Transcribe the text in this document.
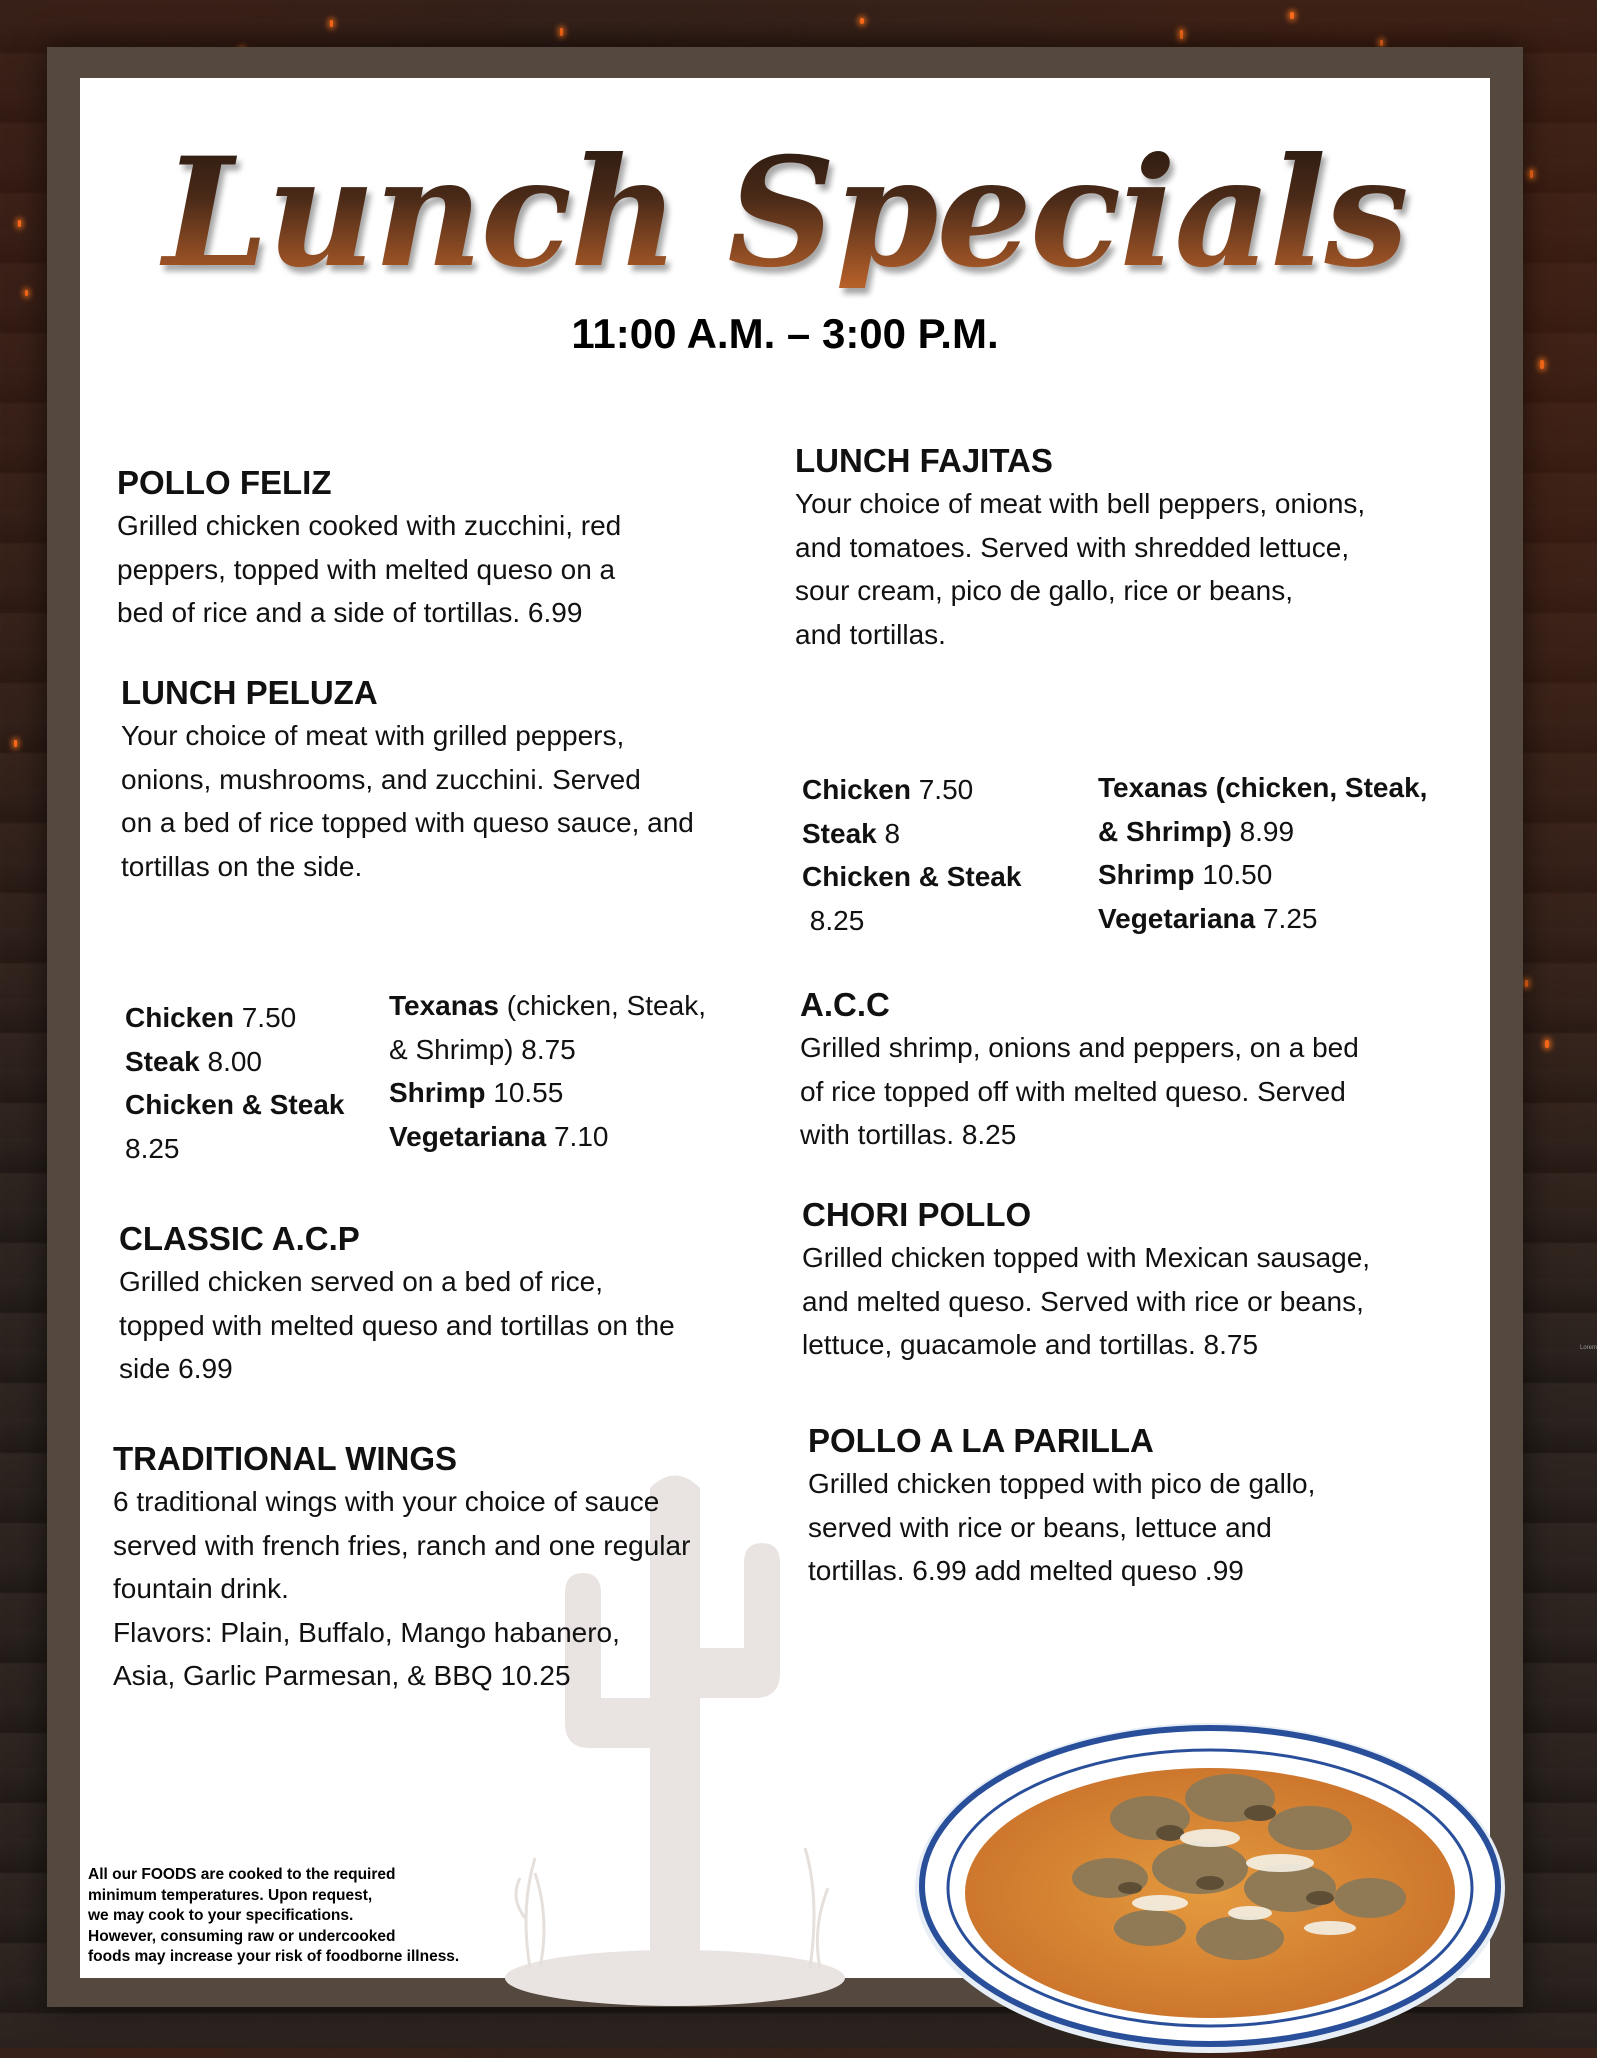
Lunch Specials
11:00 A.M. – 3:00 P.M.
POLLO FELIZ

Grilled chicken cooked with zucchini, red
peppers, topped with melted queso on a
bed of rice and a side of tortillas. 6.99

LUNCH PELUZA

Your choice of meat with grilled peppers,
onions, mushrooms, and zucchini. Served
on a bed of rice topped with queso sauce, and
tortillas on the side.

Chicken 7.50
Steak 8.00
Chicken & Steak
8.25
Texanas (chicken, Steak,
& Shrimp) 8.75
Shrimp 10.55
Vegetariana 7.10
CLASSIC A.C.P

Grilled chicken served on a bed of rice,
topped with melted queso and tortillas on the
side 6.99

TRADITIONAL WINGS

6 traditional wings with your choice of sauce
served with french fries, ranch and one regular
fountain drink.
Flavors: Plain, Buffalo, Mango habanero,
Asia, Garlic Parmesan, & BBQ 10.25

LUNCH FAJITAS

Your choice of meat with bell peppers, onions,
and tomatoes. Served with shredded lettuce,
sour cream, pico de gallo, rice or beans,
and tortillas.

Chicken 7.50
Steak 8
Chicken & Steak
8.25
Texanas (chicken, Steak,
& Shrimp) 8.99
Shrimp 10.50
Vegetariana 7.25
A.C.C

Grilled shrimp, onions and peppers, on a bed
of rice topped off with melted queso. Served
with tortillas. 8.25

CHORI POLLO

Grilled chicken topped with Mexican sausage,
and melted queso. Served with rice or beans,
lettuce, guacamole and tortillas. 8.75

POLLO A LA PARILLA

Grilled chicken topped with pico de gallo,
served with rice or beans, lettuce and
tortillas. 6.99 add melted queso .99

All our FOODS are cooked to the required
minimum temperatures. Upon request,
we may cook to your specifications.
However, consuming raw or undercooked
foods may increase your risk of foodborne illness.
Lorem
